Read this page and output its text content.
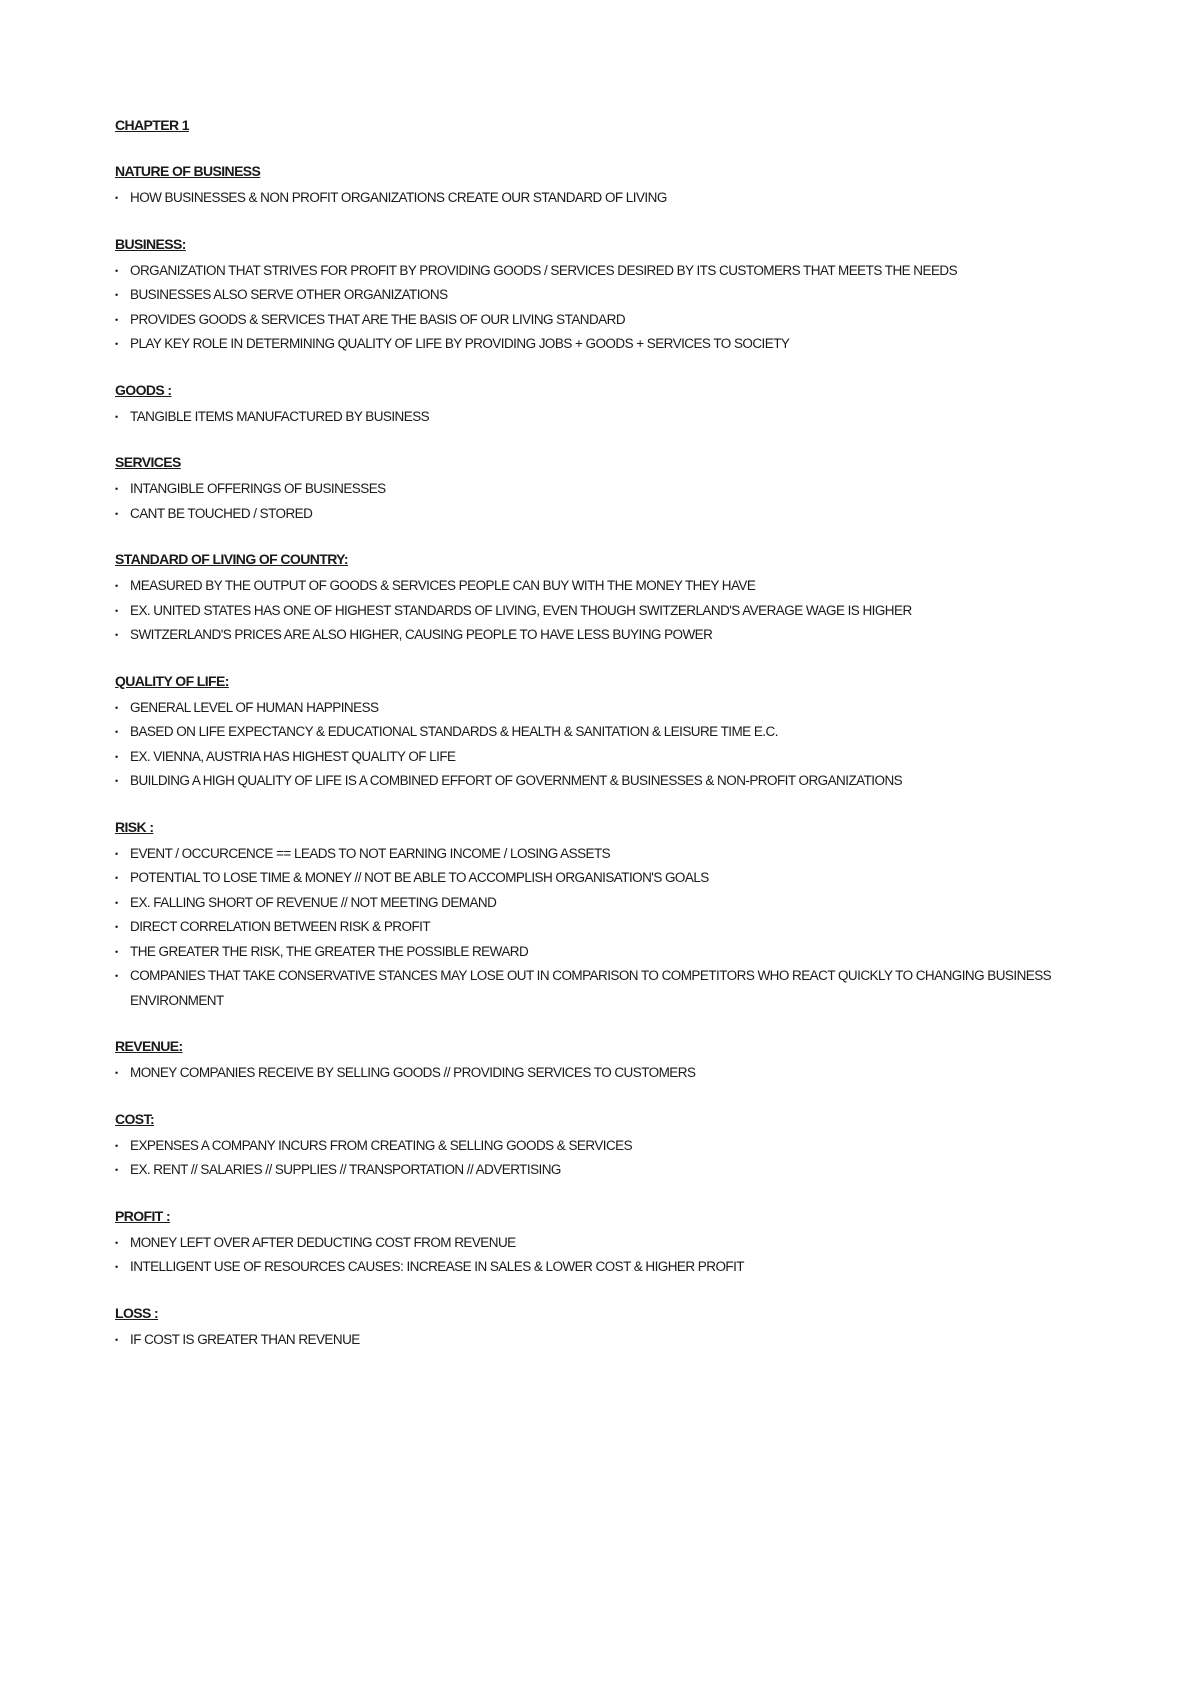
CHAPTER 1
NATURE OF BUSINESS
• HOW BUSINESSES & NON PROFIT ORGANIZATIONS CREATE OUR STANDARD OF LIVING
BUSINESS:
• ORGANIZATION THAT STRIVES FOR PROFIT BY PROVIDING GOODS / SERVICES DESIRED BY ITS CUSTOMERS THAT MEETS THE NEEDS
• BUSINESSES ALSO SERVE OTHER ORGANIZATIONS
• PROVIDES GOODS & SERVICES THAT ARE THE BASIS OF OUR LIVING STANDARD
• PLAY KEY ROLE IN DETERMINING QUALITY OF LIFE BY PROVIDING JOBS + GOODS + SERVICES TO SOCIETY
GOODS :
• TANGIBLE ITEMS MANUFACTURED BY BUSINESS
SERVICES
• INTANGIBLE OFFERINGS OF BUSINESSES
• CANT BE TOUCHED / STORED
STANDARD OF LIVING OF COUNTRY:
• MEASURED BY THE OUTPUT OF GOODS & SERVICES PEOPLE CAN BUY WITH THE MONEY THEY HAVE
• EX. UNITED STATES HAS ONE OF HIGHEST STANDARDS OF LIVING, EVEN THOUGH SWITZERLAND'S AVERAGE WAGE IS HIGHER
• SWITZERLAND'S PRICES ARE ALSO HIGHER, CAUSING PEOPLE TO HAVE LESS BUYING POWER
QUALITY OF LIFE:
• GENERAL LEVEL OF HUMAN HAPPINESS
• BASED ON LIFE EXPECTANCY & EDUCATIONAL STANDARDS & HEALTH & SANITATION & LEISURE TIME E.C.
• EX. VIENNA, AUSTRIA HAS HIGHEST QUALITY OF LIFE
• BUILDING A HIGH QUALITY OF LIFE IS A COMBINED EFFORT OF GOVERNMENT & BUSINESSES & NON-PROFIT ORGANIZATIONS
RISK :
• EVENT / OCCURCENCE == LEADS TO NOT EARNING INCOME / LOSING ASSETS
• POTENTIAL TO LOSE TIME & MONEY // NOT BE ABLE TO ACCOMPLISH ORGANISATION'S GOALS
• EX. FALLING SHORT OF REVENUE // NOT MEETING DEMAND
• DIRECT CORRELATION BETWEEN RISK & PROFIT
• THE GREATER THE RISK, THE GREATER THE POSSIBLE REWARD
• COMPANIES THAT TAKE CONSERVATIVE STANCES MAY LOSE OUT IN COMPARISON TO COMPETITORS WHO REACT QUICKLY TO CHANGING BUSINESS ENVIRONMENT
REVENUE:
• MONEY COMPANIES RECEIVE BY SELLING GOODS // PROVIDING SERVICES TO CUSTOMERS
COST:
• EXPENSES A COMPANY INCURS FROM CREATING & SELLING GOODS & SERVICES
• EX. RENT // SALARIES // SUPPLIES // TRANSPORTATION // ADVERTISING
PROFIT :
• MONEY LEFT OVER AFTER DEDUCTING COST FROM REVENUE
• INTELLIGENT USE OF RESOURCES CAUSES: INCREASE IN SALES & LOWER COST & HIGHER PROFIT
LOSS :
• IF COST IS GREATER THAN REVENUE
